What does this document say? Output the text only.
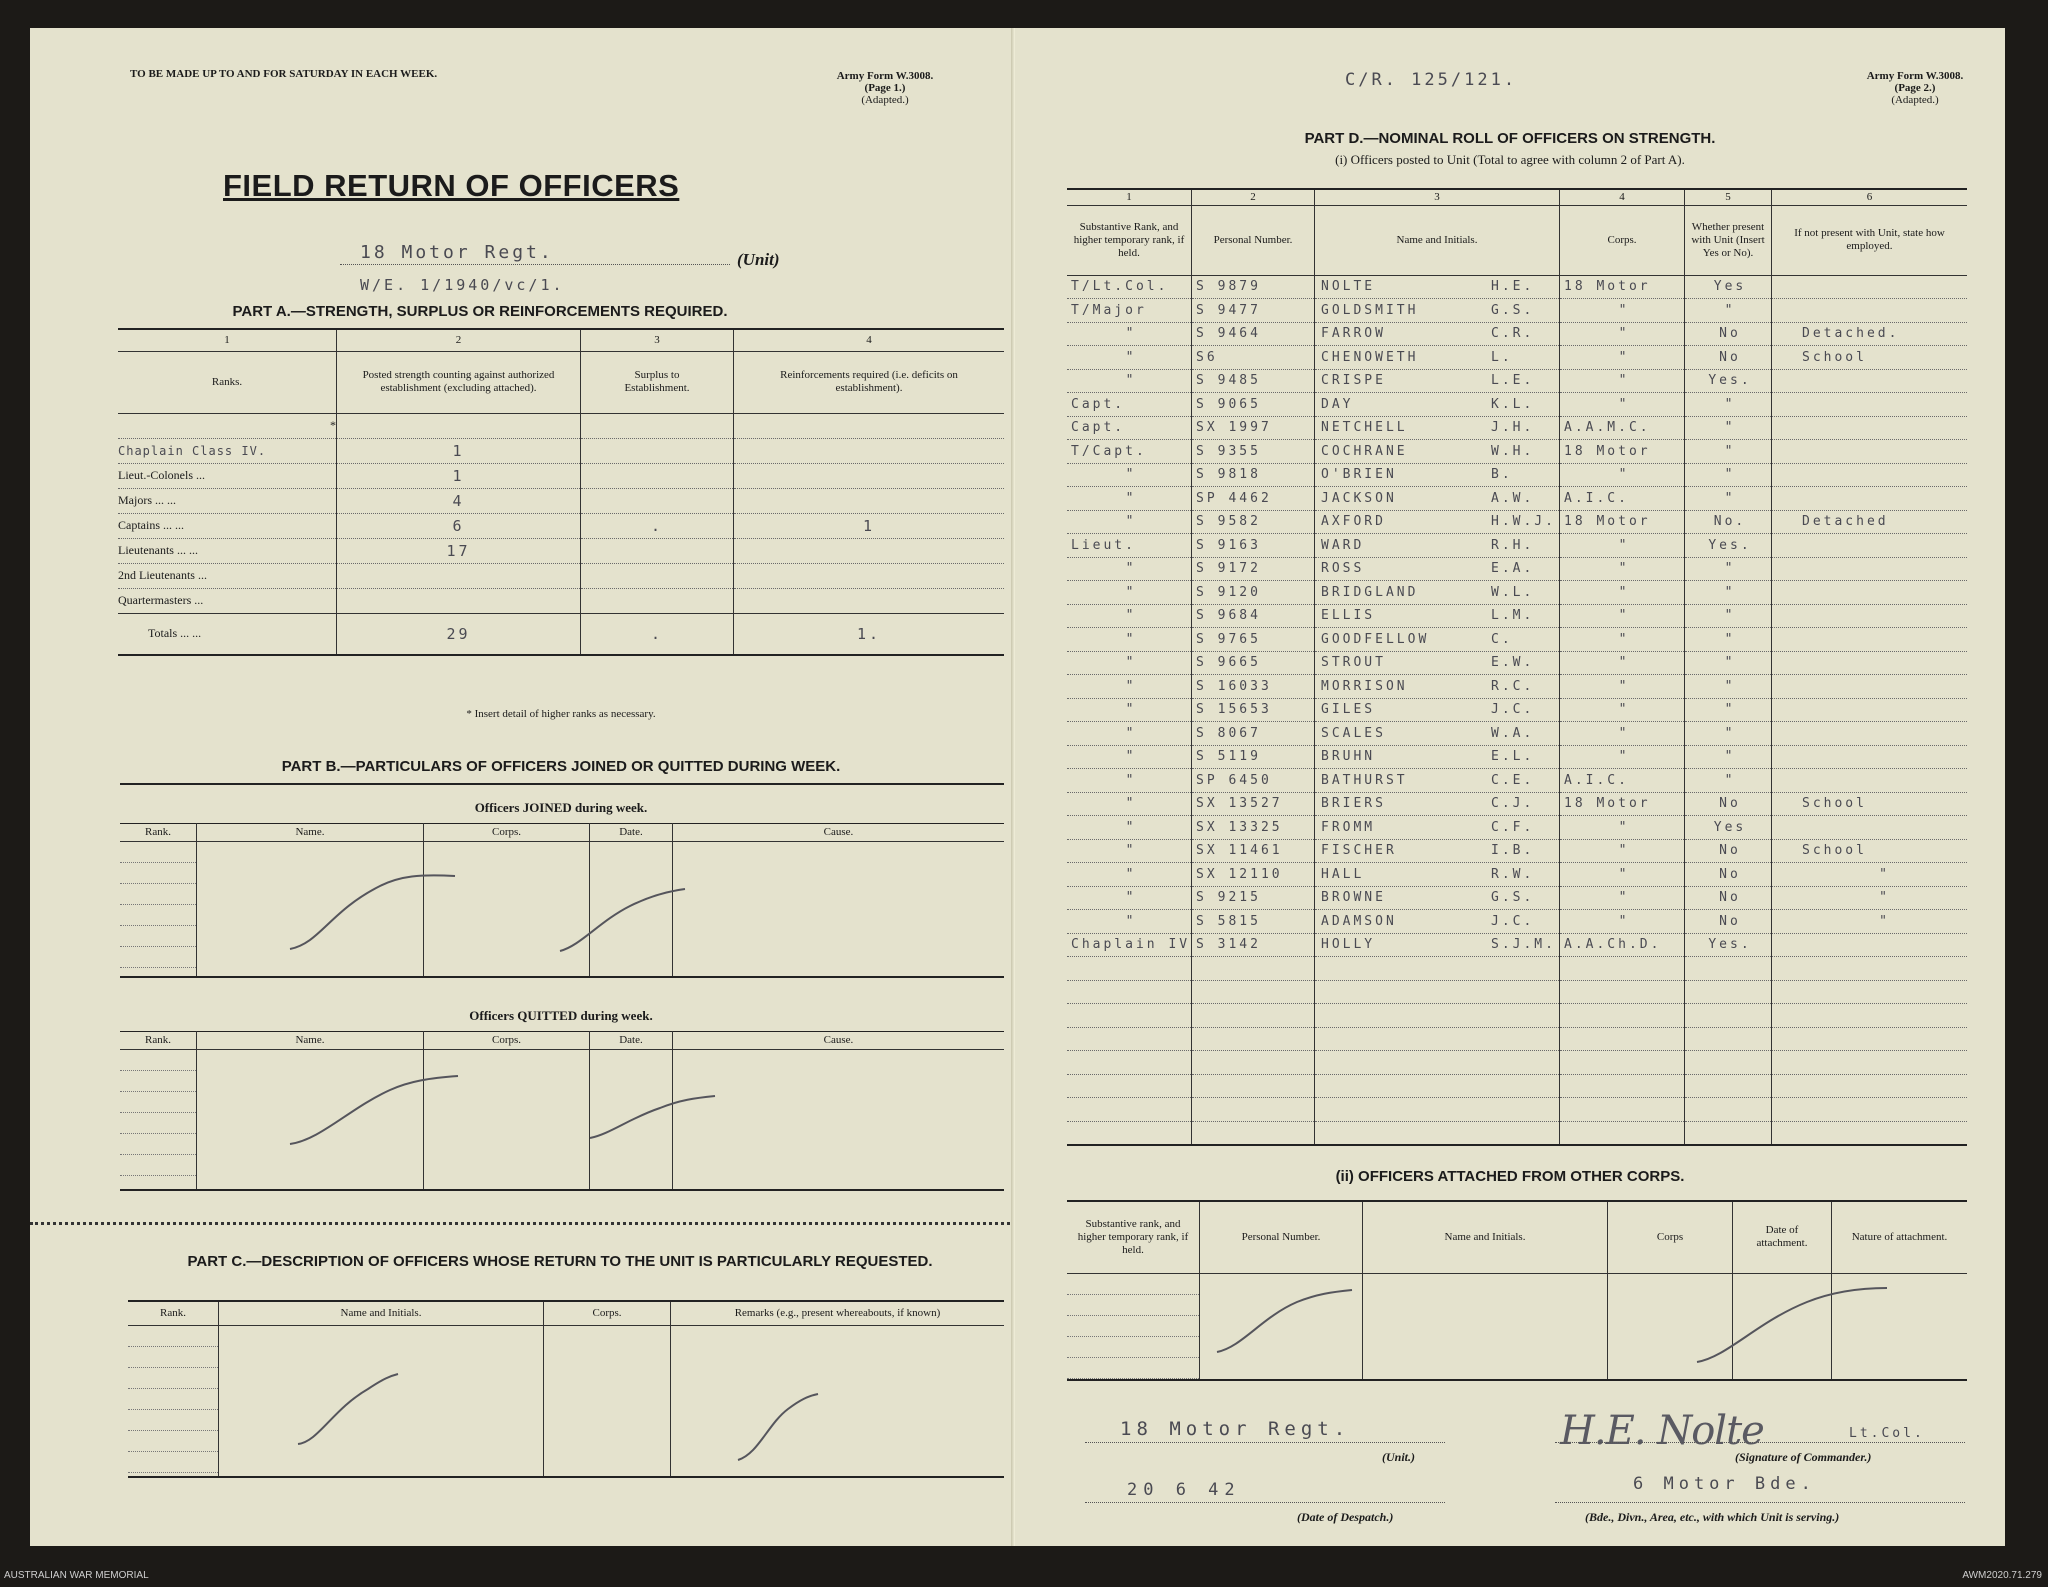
TO BE MADE UP TO AND FOR SATURDAY IN EACH WEEK.	Army Form W.3008.
(Page 1.)
(Adapted.)
FIELD RETURN OF OFFICERS
18 Motor Regt.	(Unit)
W/E. 1/1940/vc/1.
PART A.—STRENGTH, SURPLUS OR REINFORCEMENTS REQUIRED.
1	2	3	4
Ranks.	Posted strength counting against authorized establishment (excluding attached).	Surplus to Establishment.	Reinforcements required (i.e. deficits on establishment).
*			
Chaplain Class IV.	1		
Lieut.-Colonels ...	1		
Majors ... ...	4		
Captains ... ...	6	.	1
Lieutenants ... ...	17		
2nd Lieutenants ...			
Quartermasters ...			
Totals ... ...	29	.	1.
* Insert detail of higher ranks as necessary.
PART B.—PARTICULARS OF OFFICERS JOINED OR QUITTED DURING WEEK.
Officers JOINED during week.
Rank.	Name.	Corps.	Date.	Cause.

Officers QUITTED during week.
Rank.	Name.	Corps.	Date.	Cause.

PART C.—DESCRIPTION OF OFFICERS WHOSE RETURN TO THE UNIT IS PARTICULARLY REQUESTED.
Rank.	Name and Initials.	Corps.	Remarks (e.g., present whereabouts, if known)

C/R. 125/121.	Army Form W.3008.
(Page 2.)
(Adapted.)
PART D.—NOMINAL ROLL OF OFFICERS ON STRENGTH.
(i) Officers posted to Unit (Total to agree with column 2 of Part A).
1	2	3	4	5	6
Substantive Rank, and higher temporary rank, if held.	Personal Number.	Name and Initials.	Corps.	Whether present with Unit (Insert Yes or No).	If not present with Unit, state how employed.
T/Lt.Col.	S 9879	NOLTE H.E.	18 Motor	Yes	
T/Major	S 9477	GOLDSMITH G.S.	"	"	
"	S 9464	FARROW C.R.	"	No	Detached.
"	S6	CHENOWETH L.	"	No	School
"	S 9485	CRISPE L.E.	"	Yes.	
Capt.	S 9065	DAY K.L.	"	"	
Capt.	SX 1997	NETCHELL J.H.	A.A.M.C.	"	
T/Capt.	S 9355	COCHRANE W.H.	18 Motor	"	
"	S 9818	O'BRIEN B.	"	"	
"	SP 4462	JACKSON A.W.	A.I.C.	"	
"	S 9582	AXFORD H.W.J.	18 Motor	No.	Detached
Lieut.	S 9163	WARD R.H.	"	Yes.	
"	S 9172	ROSS E.A.	"	"	
"	S 9120	BRIDGLAND W.L.	"	"	
"	S 9684	ELLIS L.M.	"	"	
"	S 9765	GOODFELLOW C.	"	"	
"	S 9665	STROUT E.W.	"	"	
"	S 16033	MORRISON R.C.	"	"	
"	S 15653	GILES J.C.	"	"	
"	S 8067	SCALES W.A.	"	"	
"	S 5119	BRUHN E.L.	"	"	
"	SP 6450	BATHURST C.E.	A.I.C.	"	
"	SX 13527	BRIERS C.J.	18 Motor	No	School
"	SX 13325	FROMM C.F.	"	Yes	
"	SX 11461	FISCHER I.B.	"	No	School
"	SX 12110	HALL R.W.	"	No	"
"	S 9215	BROWNE G.S.	"	No	"
"	S 5815	ADAMSON J.C.	"	No	"
Chaplain IV	S 3142	HOLLY S.J.M.	A.A.Ch.D.	Yes.	

(ii) OFFICERS ATTACHED FROM OTHER CORPS.
Substantive rank, and higher temporary rank, if held.	Personal Number.	Name and Initials.	Corps	Date of attachment.	Nature of attachment.

18 Motor Regt.
(Unit.)
H.E. Nolte	Lt.Col.
(Signature of Commander.)
20 6 42
(Date of Despatch.)
6 Motor Bde.
(Bde., Divn., Area, etc., with which Unit is serving.)
AUSTRALIAN WAR MEMORIAL	AWM2020.71.279
